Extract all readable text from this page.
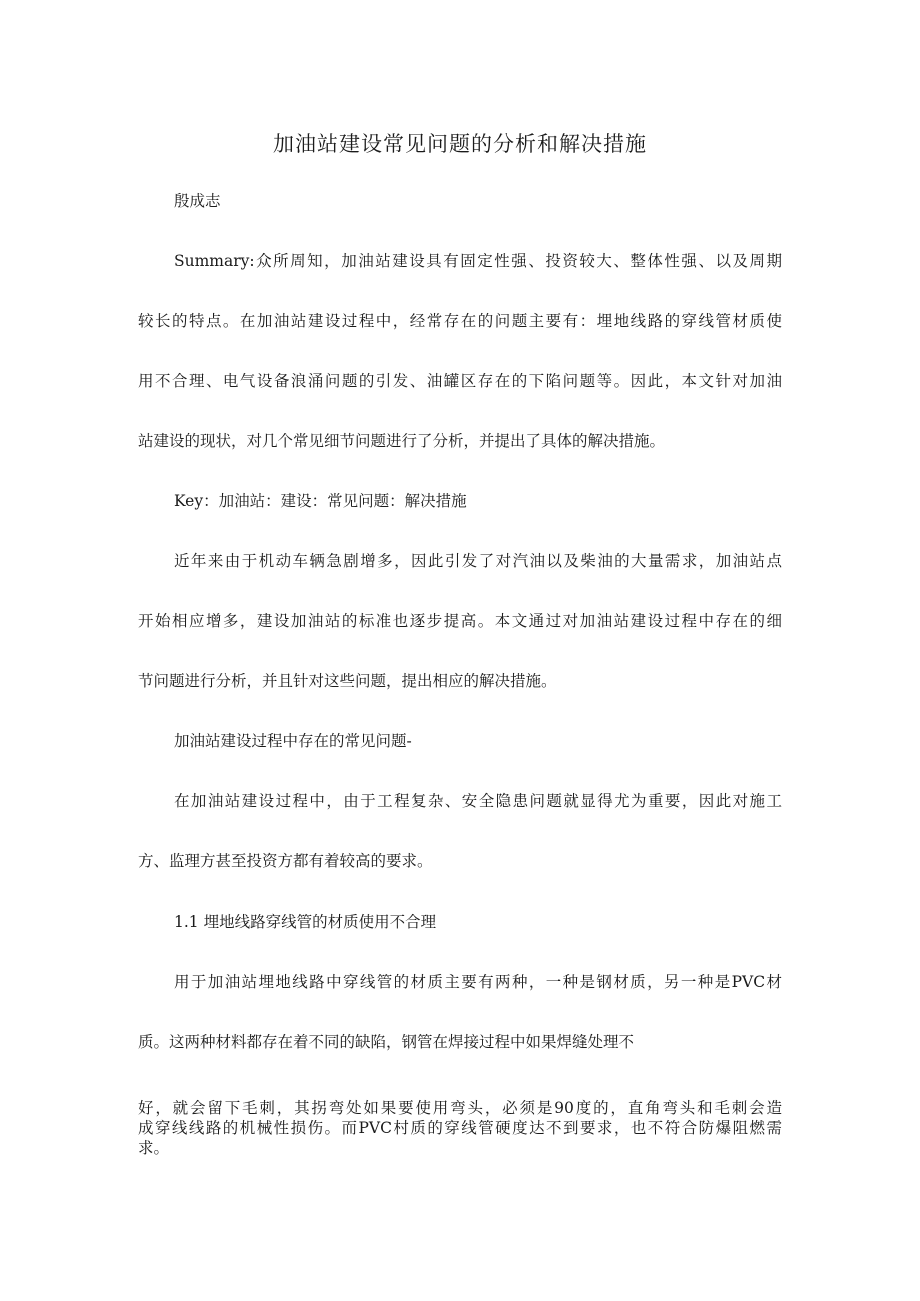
加油站建设常见问题的分析和解决措施
殷成志
Summary:众所周知，加油站建设具有固定性强、投资较大、整体性强、以及周期
较长的特点。在加油站建设过程中，经常存在的问题主要有：埋地线路的穿线管材质使
用不合理、电气设备浪涌问题的引发、油罐区存在的下陷问题等。因此，本文针对加油
站建设的现状，对几个常见细节问题进行了分析，并提出了具体的解决措施。
Key：加油站：建设：常见问题：解决措施
近年来由于机动车辆急剧增多，因此引发了对汽油以及柴油的大量需求，加油站点
开始相应增多，建设加油站的标准也逐步提高。本文通过对加油站建设过程中存在的细
节问题进行分析，并且针对这些问题，提出相应的解决措施。
加油站建设过程中存在的常见问题-
在加油站建设过程中，由于工程复杂、安全隐患问题就显得尤为重要，因此对施工
方、监理方甚至投资方都有着较高的要求。
1.1 埋地线路穿线管的材质使用不合理
用于加油站埋地线路中穿线管的材质主要有两种，一种是钢材质，另一种是PVC材
质。这两种材料都存在着不同的缺陷，钢管在焊接过程中如果焊缝处理不
好，就会留下毛刺，其拐弯处如果要使用弯头，必须是90度的，直角弯头和毛刺会造
成穿线线路的机械性损伤。而PVC村质的穿线管硬度达不到要求，也不符合防爆阻燃需
求。
